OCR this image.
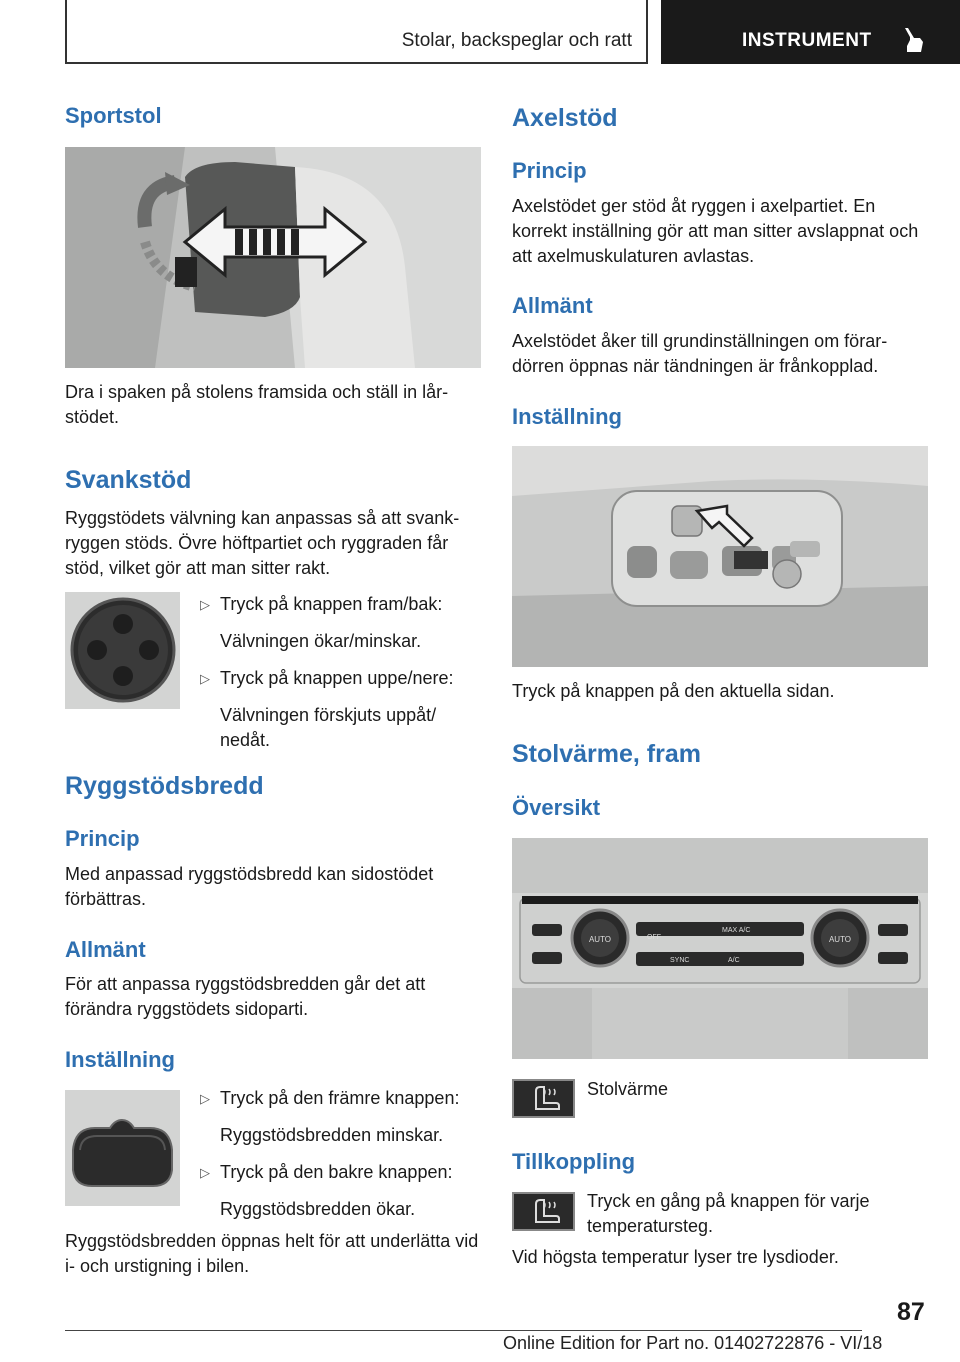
Stolar, backspeglar och ratt	INSTRUMENT
Sportstol
Dra i spaken på stolens framsida och ställ in lår-stödet.
Svankstöd
Ryggstödets välvning kan anpassas så att svank-ryggen stöds. Övre höftpartiet och ryggraden får stöd, vilket gör att man sitter rakt.
▷ Tryck på knappen fram/bak:
Välvningen ökar/minskar.
▷ Tryck på knappen uppe/nere:
Välvningen förskjuts uppåt/ nedåt.
Ryggstödsbredd
Princip
Med anpassad ryggstödsbredd kan sidostödet förbättras.
Allmänt
För att anpassa ryggstödsbredden går det att förändra ryggstödets sidoparti.
Inställning
▷ Tryck på den främre knappen:
Ryggstödsbredden minskar.
▷ Tryck på den bakre knappen:
Ryggstödsbredden ökar.
Ryggstödsbredden öppnas helt för att underlätta vid i- och urstigning i bilen.
Axelstöd
Princip
Axelstödet ger stöd åt ryggen i axelpartiet. En korrekt inställning gör att man sitter avslappnat och att axelmuskulaturen avlastas.
Allmänt
Axelstödet åker till grundinställningen om förar-dörren öppnas när tändningen är frånkopplad.
Inställning
Tryck på knappen på den aktuella sidan.
Stolvärme, fram
Översikt
AUTO	AUTO
OFF
MAX A/C
SYNC	A/C
Stolvärme
Tillkoppling
Tryck en gång på knappen för varje temperatursteg.
Vid högsta temperatur lyser tre lysdioder.
87
Online Edition for Part no. 01402722876 - VI/18
